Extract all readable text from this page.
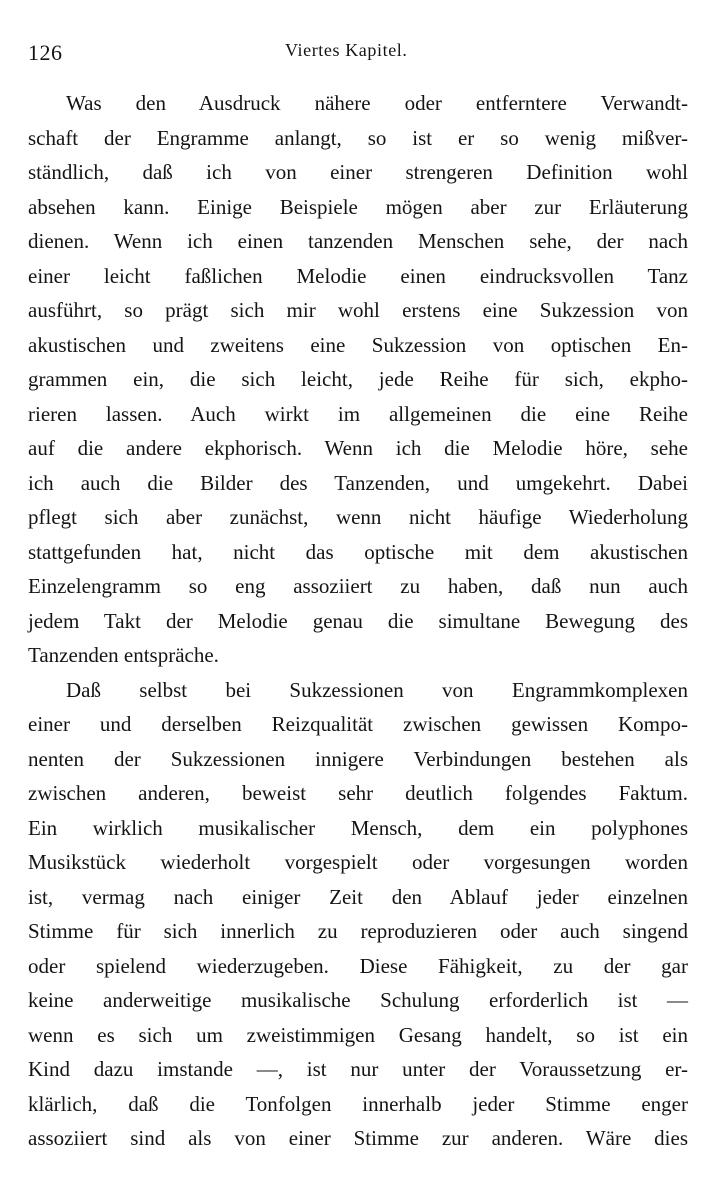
126	Viertes Kapitel.
Was den Ausdruck nähere oder entferntere Verwandt-
schaft der Engramme anlangt, so ist er so wenig mißver-
ständlich, daß ich von einer strengeren Definition wohl
absehen kann. Einige Beispiele mögen aber zur Erläuterung
dienen. Wenn ich einen tanzenden Menschen sehe, der nach
einer leicht faßlichen Melodie einen eindrucksvollen Tanz
ausführt, so prägt sich mir wohl erstens eine Sukzession von
akustischen und zweitens eine Sukzession von optischen En-
grammen ein, die sich leicht, jede Reihe für sich, ekpho-
rieren lassen. Auch wirkt im allgemeinen die eine Reihe
auf die andere ekphorisch. Wenn ich die Melodie höre, sehe
ich auch die Bilder des Tanzenden, und umgekehrt. Dabei
pflegt sich aber zunächst, wenn nicht häufige Wiederholung
stattgefunden hat, nicht das optische mit dem akustischen
Einzelengramm so eng assoziiert zu haben, daß nun auch
jedem Takt der Melodie genau die simultane Bewegung des
Tanzenden entspräche.
Daß selbst bei Sukzessionen von Engrammkomplexen
einer und derselben Reizqualität zwischen gewissen Kompo-
nenten der Sukzessionen innigere Verbindungen bestehen als
zwischen anderen, beweist sehr deutlich folgendes Faktum.
Ein wirklich musikalischer Mensch, dem ein polyphones
Musikstück wiederholt vorgespielt oder vorgesungen worden
ist, vermag nach einiger Zeit den Ablauf jeder einzelnen
Stimme für sich innerlich zu reproduzieren oder auch singend
oder spielend wiederzugeben. Diese Fähigkeit, zu der gar
keine anderweitige musikalische Schulung erforderlich ist —
wenn es sich um zweistimmigen Gesang handelt, so ist ein
Kind dazu imstande —, ist nur unter der Voraussetzung er-
klärlich, daß die Tonfolgen innerhalb jeder Stimme enger
assoziiert sind als von einer Stimme zur anderen. Wäre dies
